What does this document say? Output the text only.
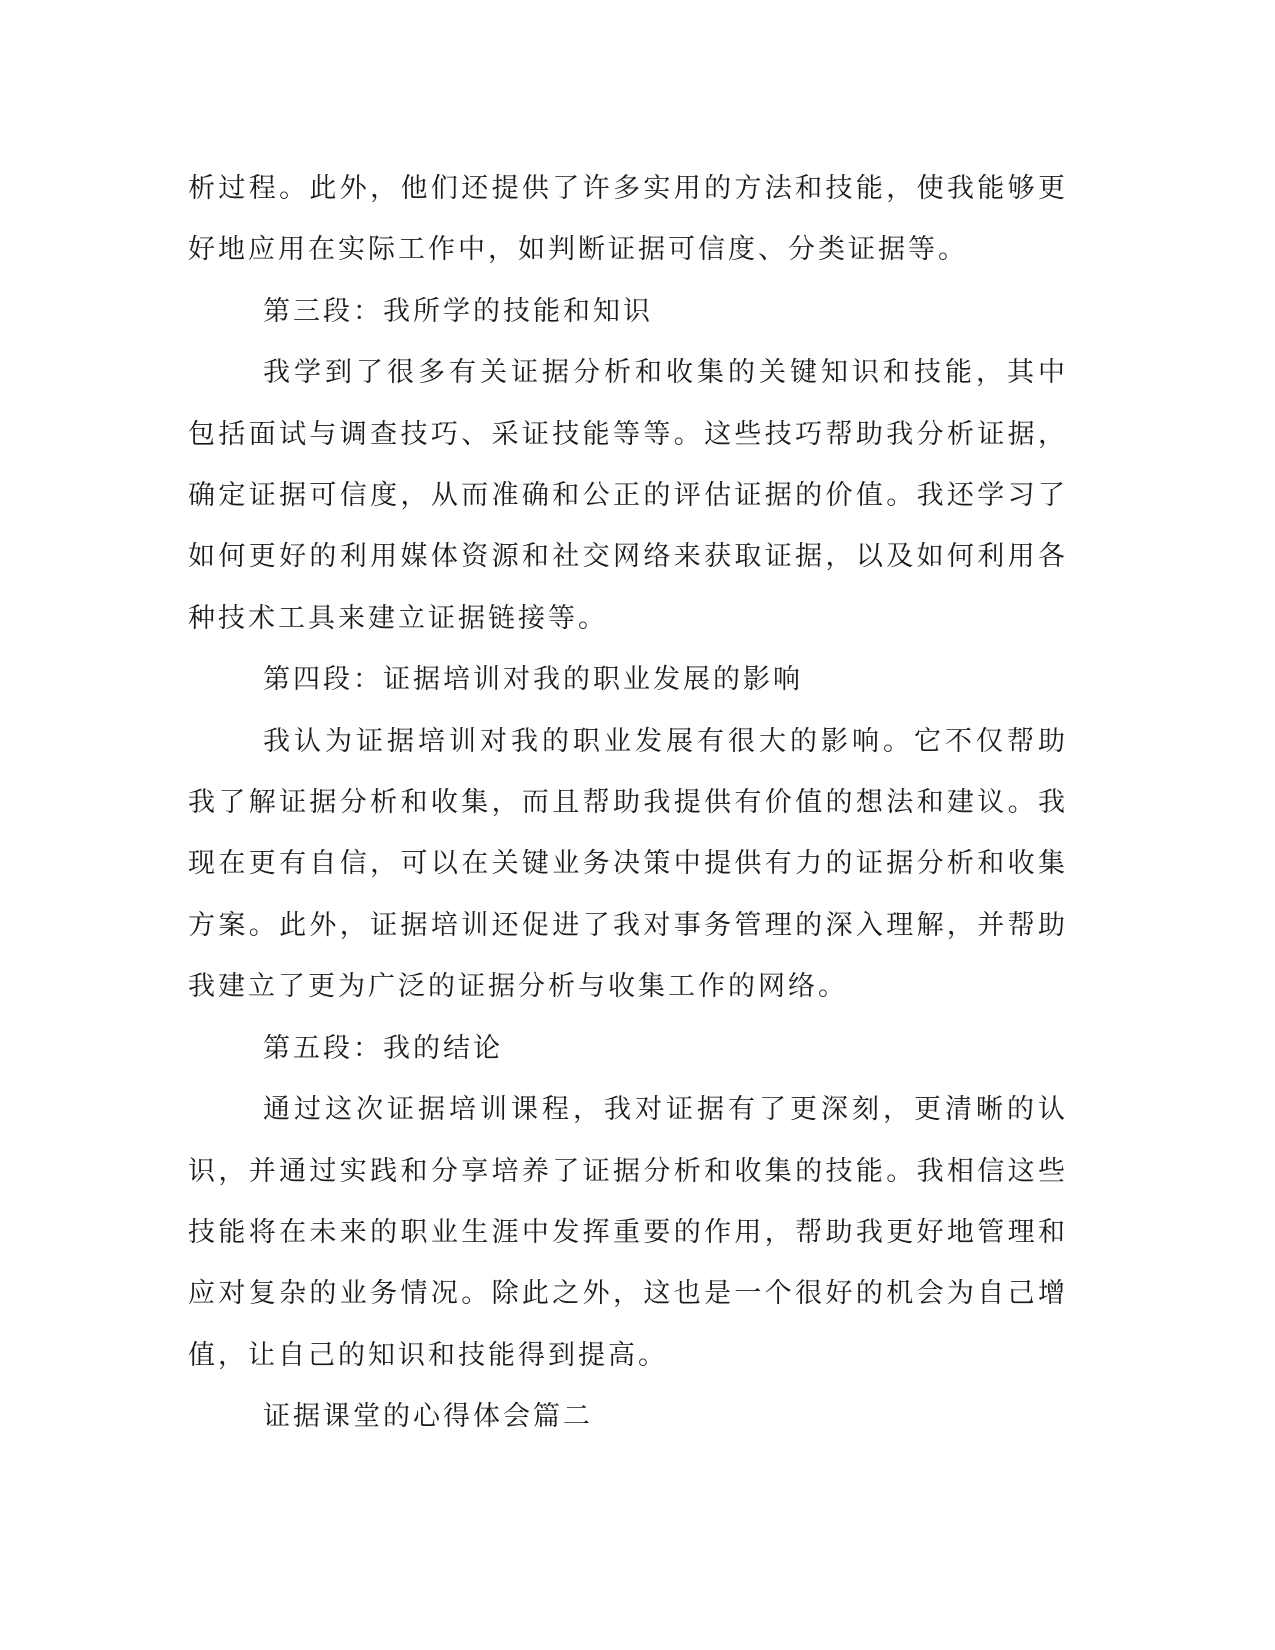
析过程。此外，他们还提供了许多实用的方法和技能，使我能够更好地应用在实际工作中，如判断证据可信度、分类证据等。

第三段：我所学的技能和知识

我学到了很多有关证据分析和收集的关键知识和技能，其中包括面试与调查技巧、采证技能等等。这些技巧帮助我分析证据，确定证据可信度，从而准确和公正的评估证据的价值。我还学习了如何更好的利用媒体资源和社交网络来获取证据，以及如何利用各种技术工具来建立证据链接等。

第四段：证据培训对我的职业发展的影响

我认为证据培训对我的职业发展有很大的影响。它不仅帮助我了解证据分析和收集，而且帮助我提供有价值的想法和建议。我现在更有自信，可以在关键业务决策中提供有力的证据分析和收集方案。此外，证据培训还促进了我对事务管理的深入理解，并帮助我建立了更为广泛的证据分析与收集工作的网络。

第五段：我的结论

通过这次证据培训课程，我对证据有了更深刻，更清晰的认识，并通过实践和分享培养了证据分析和收集的技能。我相信这些技能将在未来的职业生涯中发挥重要的作用，帮助我更好地管理和应对复杂的业务情况。除此之外，这也是一个很好的机会为自己增值，让自己的知识和技能得到提高。

证据课堂的心得体会篇二
